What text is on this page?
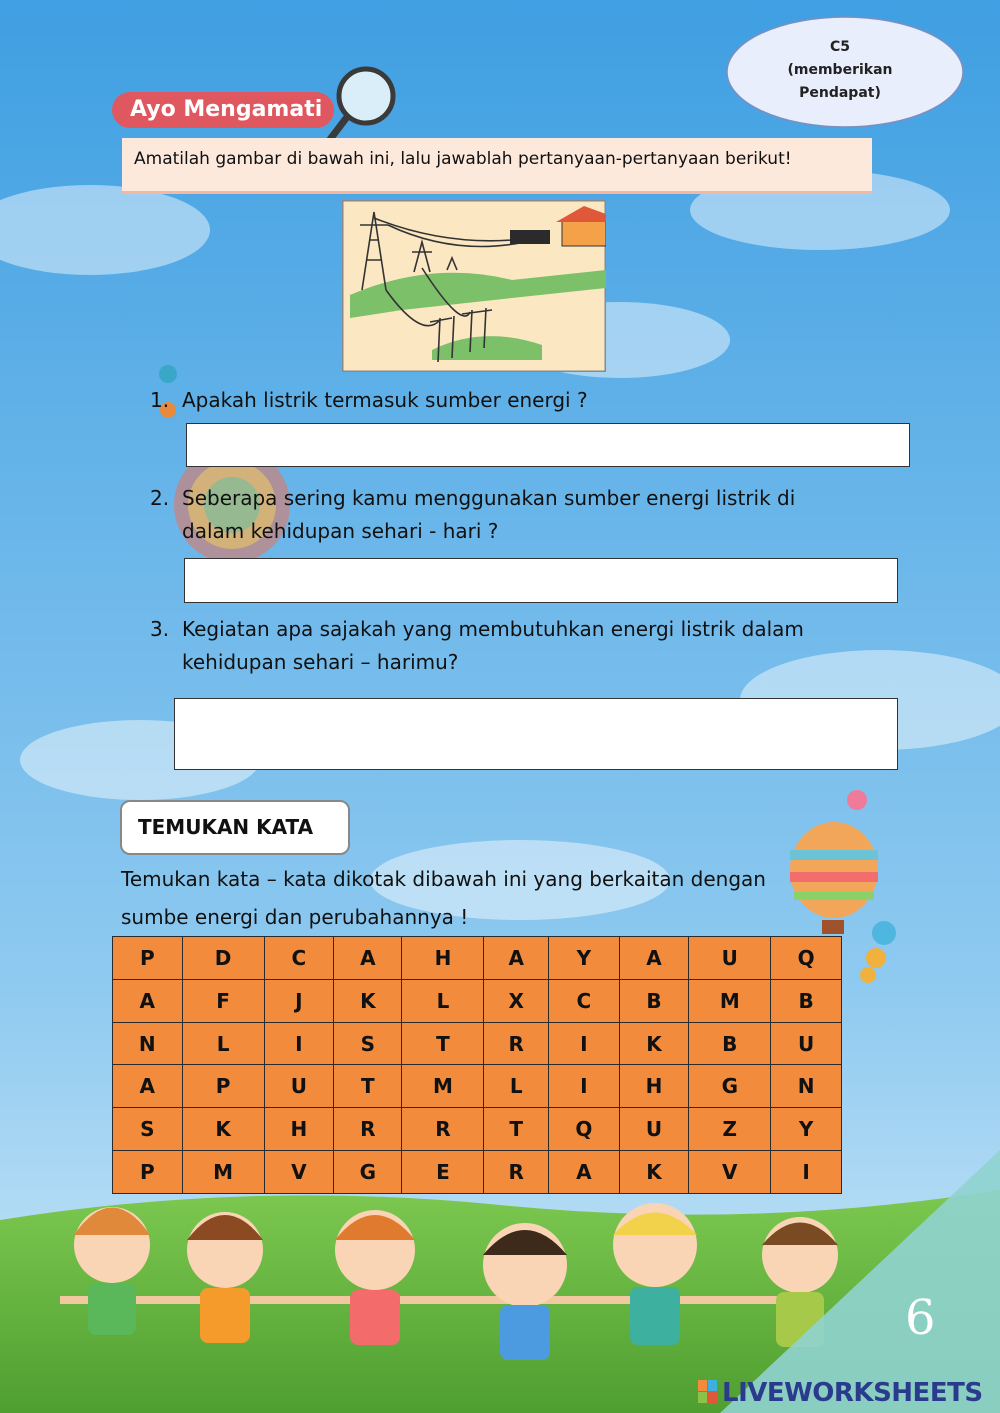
C5
(memberikan
Pendapat)
Ayo Mengamati
Amatilah gambar di bawah ini, lalu jawablah pertanyaan-pertanyaan berikut!
1. Apakah listrik termasuk sumber energi ?
2. Seberapa sering kamu menggunakan sumber energi listrik di
dalam kehidupan sehari - hari ?
3. Kegiatan apa sajakah yang membutuhkan energi listrik dalam
kehidupan sehari – harimu?
TEMUKAN KATA
Temukan kata – kata dikotak dibawah ini yang berkaitan dengan
sumbe energi dan perubahannya !
P	D	C	A	H	A	Y	A	U	Q
A	F	J	K	L	X	C	B	M	B
N	L	I	S	T	R	I	K	B	U
A	P	U	T	M	L	I	H	G	N
S	K	H	R	R	T	Q	U	Z	Y
P	M	V	G	E	R	A	K	V	I
6
LIVEWORKSHEETS
